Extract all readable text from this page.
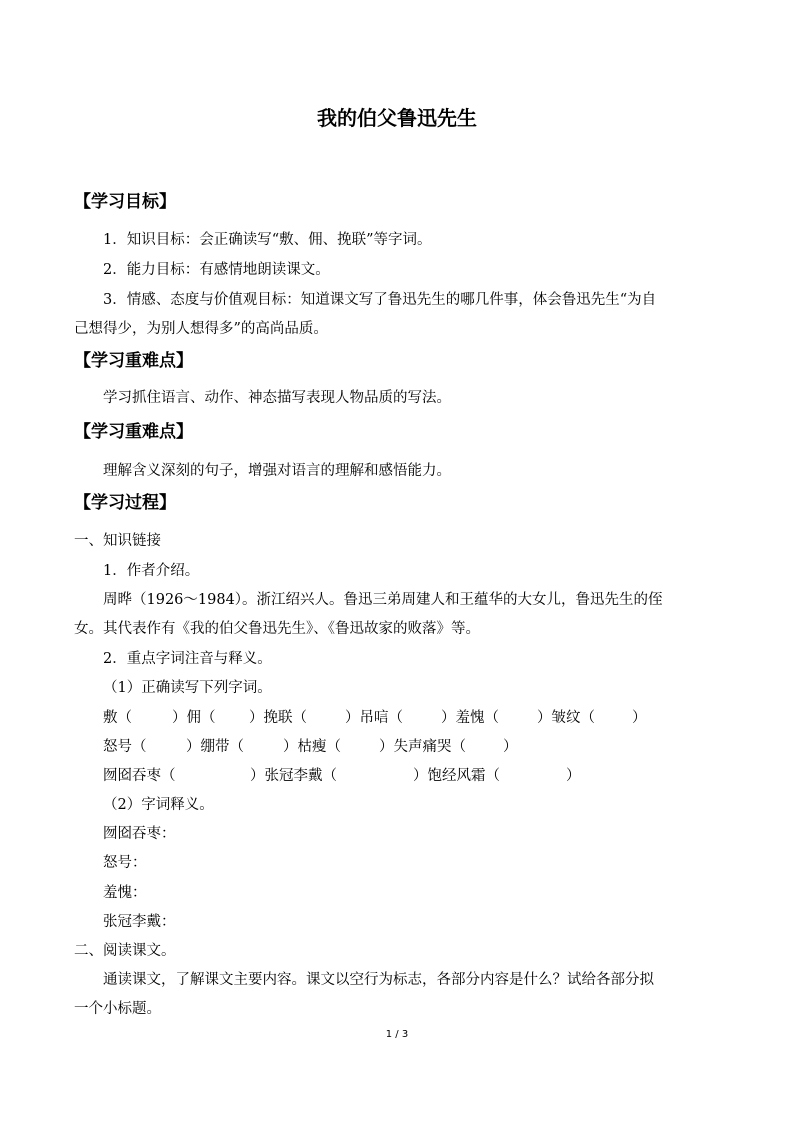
我的伯父鲁迅先生
【学习目标】
1．知识目标：会正确读写“敷、佣、挽联”等字词。
2．能力目标：有感情地朗读课文。
3．情感、态度与价值观目标：知道课文写了鲁迅先生的哪几件事，体会鲁迅先生“为自
己想得少，为别人想得多”的高尚品质。
【学习重难点】
学习抓住语言、动作、神态描写表现人物品质的写法。
【学习重难点】
理解含义深刻的句子，增强对语言的理解和感悟能力。
【学习过程】
一、知识链接
1．作者介绍。
周晔（1926～1984）。浙江绍兴人。鲁迅三弟周建人和王蕴华的大女儿，鲁迅先生的侄
女。其代表作有《我的伯父鲁迅先生》、《鲁迅故家的败落》等。
2．重点字词注音与释义。
（1）正确读写下列字词。
敷（	）佣（ ）挽联（	）吊唁（	）羞愧（	）皱纹（	）
怒号（	）绷带（	）枯瘦（	）失声痛哭（	）
囫囵吞枣（	）张冠李戴（	）饱经风霜（	）
（2）字词释义。
囫囵吞枣：
怒号：
羞愧：
张冠李戴：
二、阅读课文。
通读课文，了解课文主要内容。课文以空行为标志，各部分内容是什么？试给各部分拟
一个小标题。
1 / 3
